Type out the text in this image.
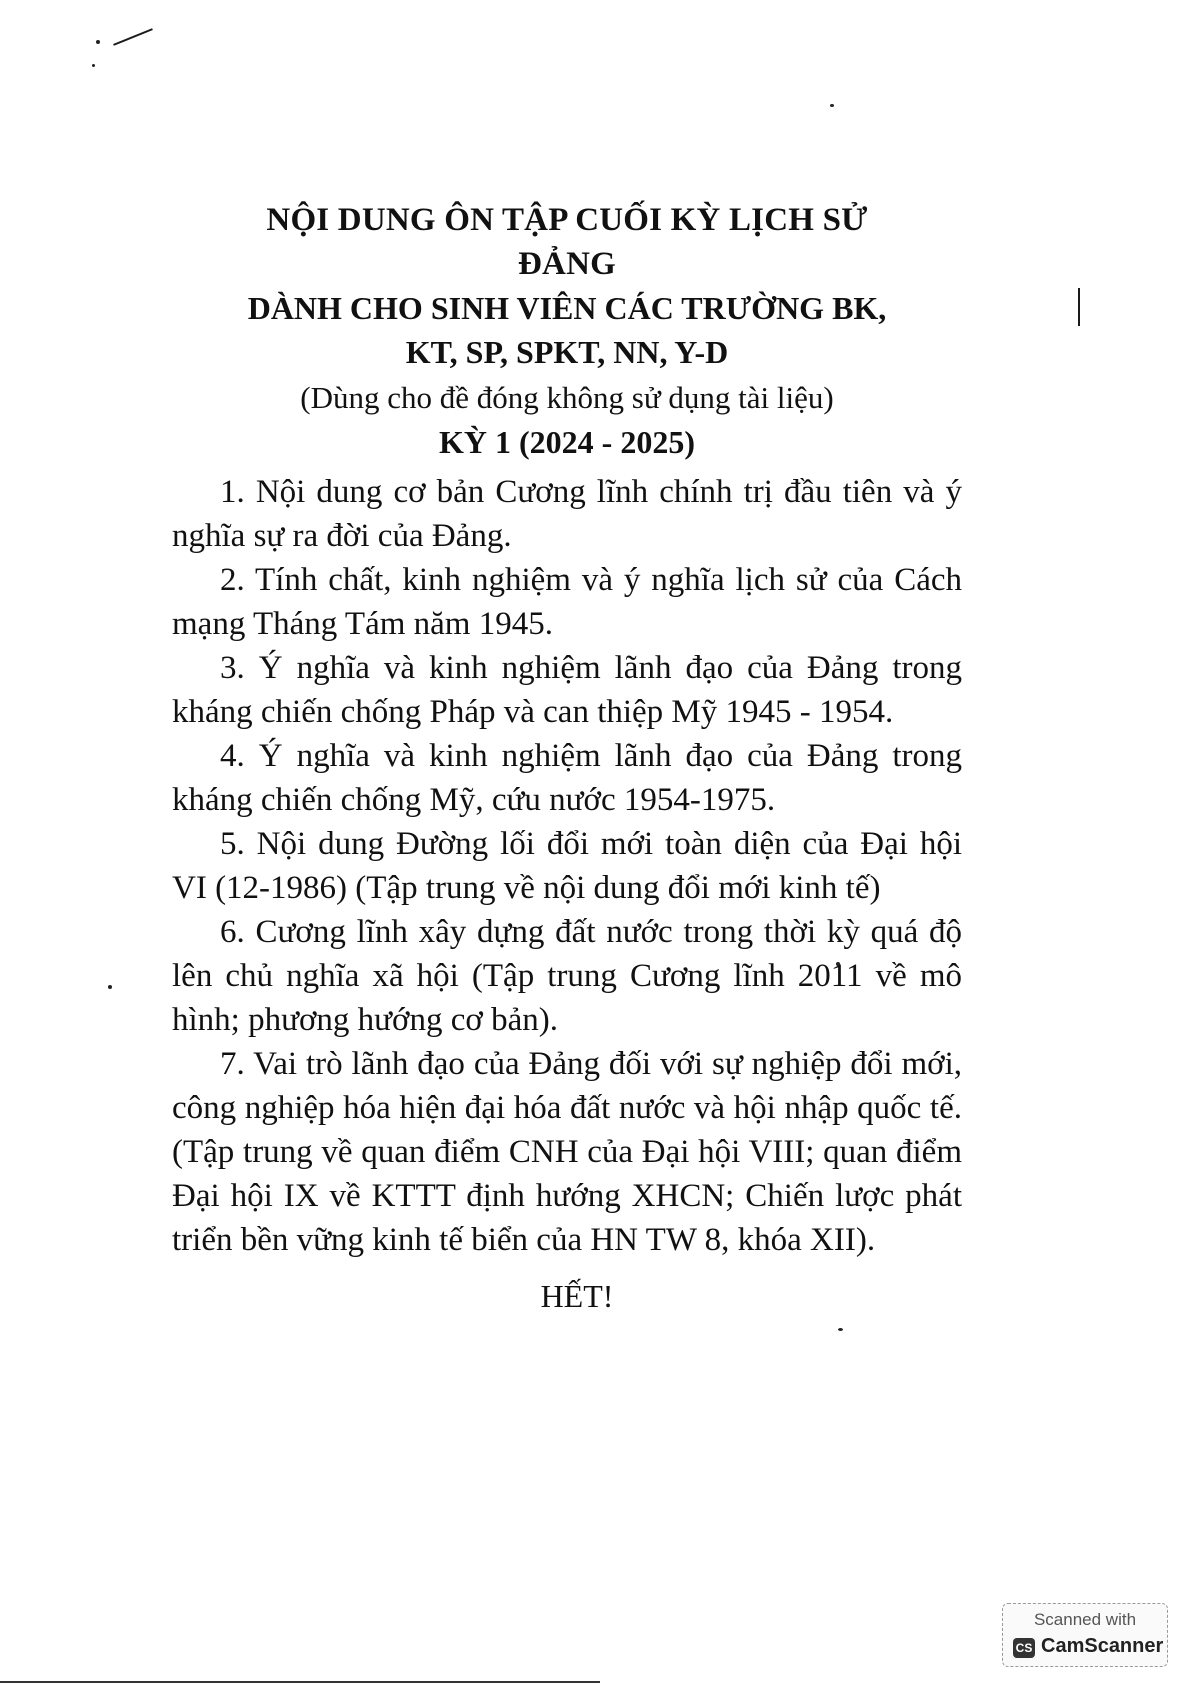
NỘI DUNG ÔN TẬP CUỐI KỲ LỊCH SỬ
ĐẢNG
DÀNH CHO SINH VIÊN CÁC TRƯỜNG BK,
KT, SP, SPKT, NN, Y-D
(Dùng cho đề đóng không sử dụng tài liệu)
KỲ 1 (2024 - 2025)

1. Nội dung cơ bản Cương lĩnh chính trị đầu tiên và ý nghĩa sự ra đời của Đảng.

2. Tính chất, kinh nghiệm và ý nghĩa lịch sử của Cách mạng Tháng Tám năm 1945.

3. Ý nghĩa và kinh nghiệm lãnh đạo của Đảng trong kháng chiến chống Pháp và can thiệp Mỹ 1945 - 1954.

4. Ý nghĩa và kinh nghiệm lãnh đạo của Đảng trong kháng chiến chống Mỹ, cứu nước 1954-1975.

5. Nội dung Đường lối đổi mới toàn diện của Đại hội VI (12-1986) (Tập trung về nội dung đổi mới kinh tế)

6. Cương lĩnh xây dựng đất nước trong thời kỳ quá độ lên chủ nghĩa xã hội (Tập trung Cương lĩnh 2011 về mô hình; phương hướng cơ bản).

7. Vai trò lãnh đạo của Đảng đối với sự nghiệp đổi mới, công nghiệp hóa hiện đại hóa đất nước và hội nhập quốc tế. (Tập trung về quan điểm CNH của Đại hội VIII; quan điểm Đại hội IX về KTTT định hướng XHCN; Chiến lược phát triển bền vững kinh tế biển của HN TW 8, khóa XII).

HẾT!
Scanned with
CS CamScanner
